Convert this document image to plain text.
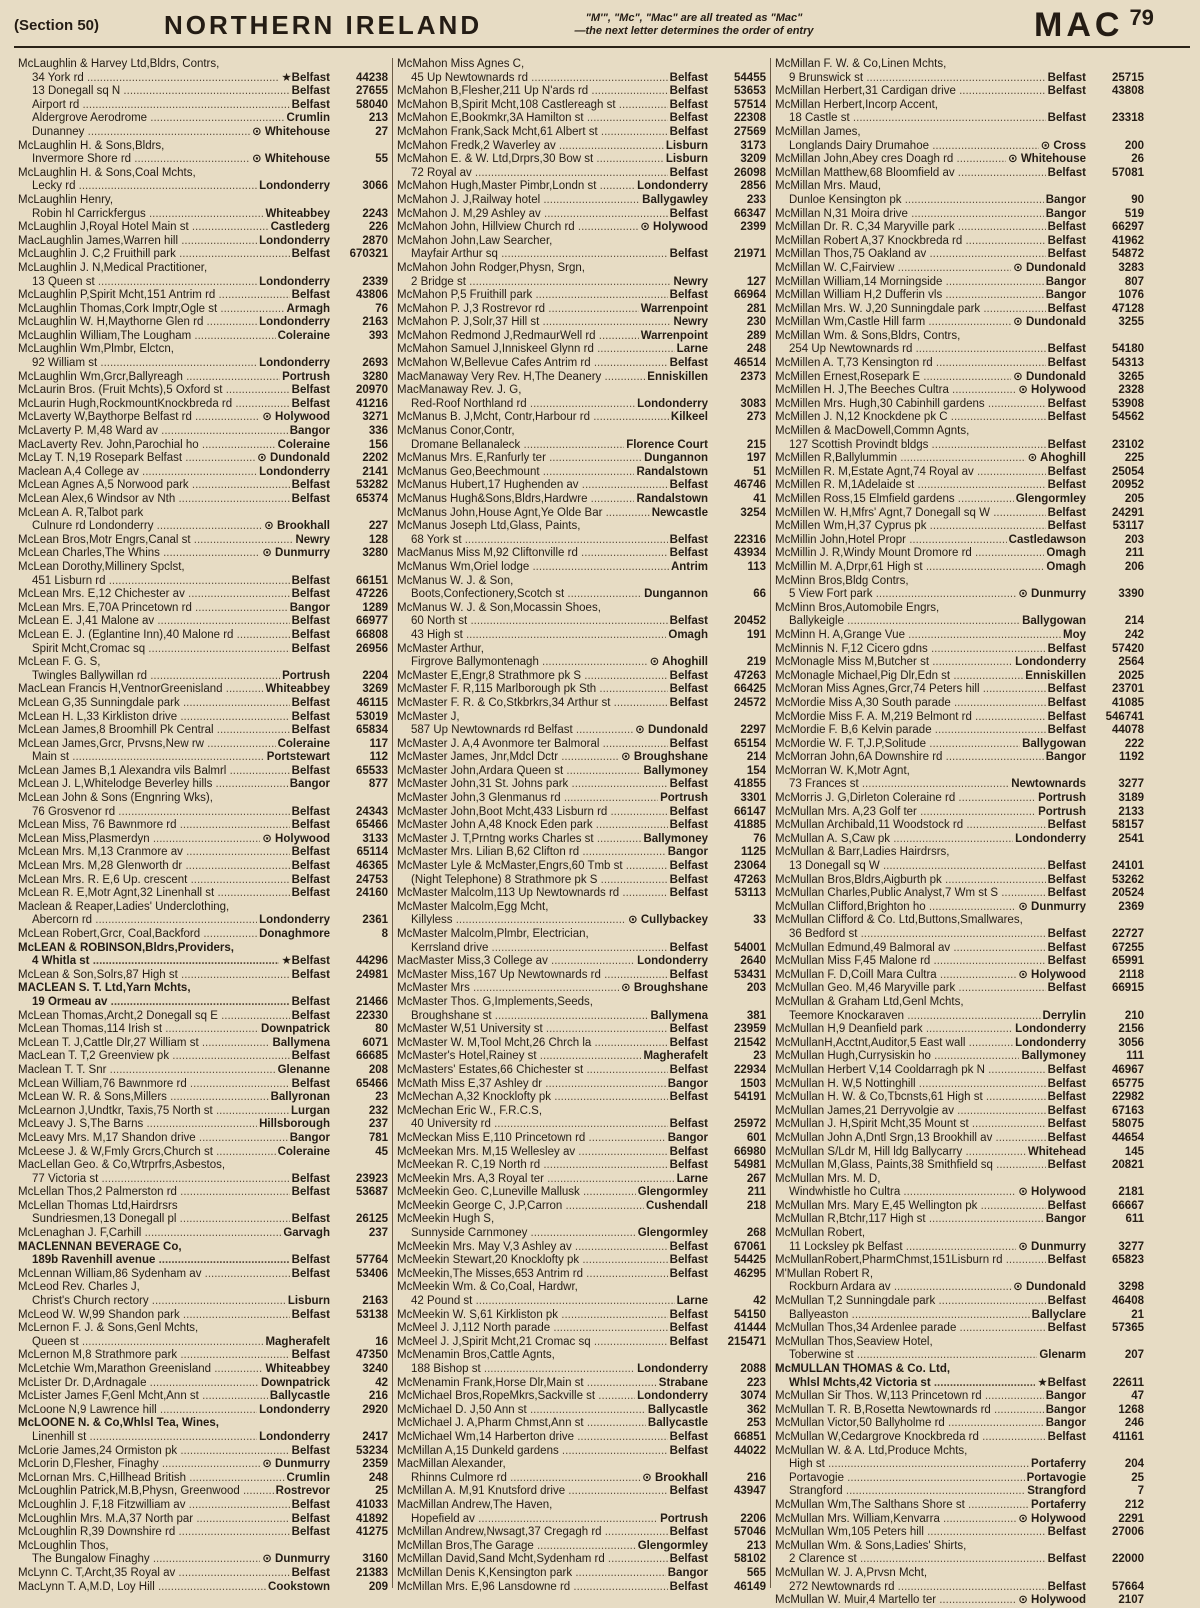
(Section 50)	NORTHERN IRELAND	"M'", "Mc", "Mac" are all treated as "Mac"
—the next letter determines the order of entry	MAC 79
McLaughlin & Harvey Ltd,Bldrs, Contrs,
34 York rd .....	★Belfast	44238
13 Donegall sq N .....	Belfast	27655
Airport rd .....	Belfast	58040
Aldergrove Aerodrome .....	Crumlin	213
Dunanney .....	⊙ Whitehouse	27
McLaughlin H. & Sons,Bldrs,
Invermore Shore rd .....	⊙ Whitehouse	55
McLaughlin H. & Sons,Coal Mchts,
Lecky rd .....	Londonderry	3066
McLaughlin Henry,
Robin hl Carrickfergus .....	Whiteabbey	2243
McLaughlin J,Royal Hotel Main st .....	Castlederg	226
MacLaughlin James,Warren hill .....	Londonderry	2870
McLaughlin J. C,2 Fruithill park .....	Belfast	670321
McLaughlin J. N,Medical Practitioner,
13 Queen st .....	Londonderry	2339
McLaughlin P,Spirit Mcht,151 Antrim rd .....	Belfast	43806
McLaughlin Thomas,Cork Imptr,Ogle st .....	Armagh	76
McLaughlin W. H,Maythorne Glen rd .....	Londonderry	2163
McLaughlin William,The Lougham .....	Coleraine	393
McLaughlin Wm,Plmbr, Elctcn,
92 William st .....	Londonderry	2693
McLaughlin Wm,Grcr,Ballyreagh .....	Portrush	3280
McLaurin Bros. (Fruit Mchts),5 Oxford st .....	Belfast	20970
McLaurin Hugh,RockmountKnockbreda rd .....	Belfast	41216
McLaverty W,Baythorpe Belfast rd .....	⊙ Holywood	3271
McLaverty P. M,48 Ward av .....	Bangor	336
MacLaverty Rev. John,Parochial ho .....	Coleraine	156
McLay T. N,19 Rosepark Belfast .....	⊙ Dundonald	2202
Maclean A,4 College av .....	Londonderry	2141
McLean Agnes A,5 Norwood park .....	Belfast	53282
McLean Alex,6 Windsor av Nth .....	Belfast	65374
McLean A. R,Talbot park
Culnure rd Londonderry .....	⊙ Brookhall	227
McLean Bros,Motr Engrs,Canal st .....	Newry	128
McLean Charles,The Whins .....	⊙ Dunmurry	3280
McLean Dorothy,Millinery Spclst,
451 Lisburn rd .....	Belfast	66151
McLean Mrs. E,12 Chichester av .....	Belfast	47226
McLean Mrs. E,70A Princetown rd .....	Bangor	1289
McLean E. J,41 Malone av .....	Belfast	66977
McLean E. J. (Eglantine Inn),40 Malone rd .....	Belfast	66808
Spirit Mcht,Cromac sq .....	Belfast	26956
McLean F. G. S,
Twingles Ballywillan rd .....	Portrush	2204
MacLean Francis H,VentnorGreenisland .....	Whiteabbey	3269
McLean G,35 Sunningdale park .....	Belfast	46115
McLean H. L,33 Kirkliston drive .....	Belfast	53019
McLean James,8 Broomhill Pk Central .....	Belfast	65834
McLean James,Grcr, Prvsns,New rw .....	Coleraine	117
Main st .....	Portstewart	112
McLean James B,1 Alexandra vils Balmrl .....	Belfast	65533
McLean J. L,Whitelodge Beverley hills .....	Bangor	877
McLean John & Sons (Engnring Wks),
76 Grosvenor rd .....	Belfast	24343
McLean Miss, 76 Bawnmore rd .....	Belfast	65466
McLean Miss,Plasmerdyn .....	⊙ Holywood	3133
McLean Mrs. M,13 Cranmore av .....	Belfast	65114
McLean Mrs. M,28 Glenworth dr .....	Belfast	46365
McLean Mrs. R. E,6 Up. crescent .....	Belfast	24753
McLean R. E,Motr Agnt,32 Linenhall st .....	Belfast	24160
Maclean & Reaper,Ladies' Underclothing,
Abercorn rd .....	Londonderry	2361
McLean Robert,Grcr, Coal,Backford .....	Donaghmore	8
McLEAN & ROBINSON,Bldrs,Providers,
4 Whitla st .....	★Belfast	44296
McLean & Son,Solrs,87 High st .....	Belfast	24981
MACLEAN S. T. Ltd,Yarn Mchts,
19 Ormeau av .....	Belfast	21466
McLean Thomas,Archt,2 Donegall sq E .....	Belfast	22330
McLean Thomas,114 Irish st .....	Downpatrick	80
McLean T. J,Cattle Dlr,27 William st .....	Ballymena	6071
MacLean T. T,2 Greenview pk .....	Belfast	66685
Maclean T. T. Snr .....	Glenanne	208
McLean William,76 Bawnmore rd .....	Belfast	65466
McLean W. R. & Sons,Millers .....	Ballyronan	23
McLearnon J,Undtkr, Taxis,75 North st .....	Lurgan	232
McLeavy J. S,The Barns .....	Hillsborough	237
McLeavy Mrs. M,17 Shandon drive .....	Bangor	781
McLeese J. & W,Fmly Grcrs,Church st .....	Coleraine	45
MacLellan Geo. & Co,Wtrprfrs,Asbestos,
77 Victoria st .....	Belfast	23923
McLellan Thos,2 Palmerston rd .....	Belfast	53687
McLellan Thomas Ltd,Hairdrsrs
Sundriesmen,13 Donegall pl .....	Belfast	26125
McLenaghan J. F,Carhill .....	Garvagh	237
MACLENNAN BEVERAGE Co,
189b Ravenhill avenue .....	Belfast	57764
McLennan William,86 Sydenham av .....	Belfast	53406
McLeod Rev. Charles J,
Christ's Church rectory .....	Lisburn	2163
McLeod W. W,99 Shandon park .....	Belfast	53138
McLernon F. J. & Sons,Genl Mchts,
Queen st .....	Magherafelt	16
McLernon M,8 Strathmore park .....	Belfast	47350
McLetchie Wm,Marathon Greenisland .....	Whiteabbey	3240
McLister Dr. D,Ardnagale .....	Downpatrick	42
McLister James F,Genl Mcht,Ann st .....	Ballycastle	216
McLoone N,9 Lawrence hill .....	Londonderry	2920
McLOONE N. & Co,Whlsl Tea, Wines,
Linenhill st .....	Londonderry	2417
McLorie James,24 Ormiston pk .....	Belfast	53234
McLorin D,Flesher, Finaghy .....	⊙ Dunmurry	2359
McLornan Mrs. C,Hillhead British .....	Crumlin	248
McLoughlin Patrick,M.B,Physn, Greenwood .....	Rostrevor	25
McLoughlin J. F,18 Fitzwilliam av .....	Belfast	41033
McLoughlin Mrs. M.A,37 North par .....	Belfast	41892
McLoughlin R,39 Downshire rd .....	Belfast	41275
McLoughlin Thos,
The Bungalow Finaghy .....	⊙ Dunmurry	3160
McLynn C. T,Archt,35 Royal av .....	Belfast	21383
MacLynn T. A,M.D, Loy Hill .....	Cookstown	209
McMahon Miss Agnes C,
45 Up Newtownards rd .....	Belfast	54455
McMahon B,Flesher,211 Up N'ards rd .....	Belfast	53653
McMahon B,Spirit Mcht,108 Castlereagh st .....	Belfast	57514
McMahon E,Bookmkr,3A Hamilton st .....	Belfast	22308
McMahon Frank,Sack Mcht,61 Albert st .....	Belfast	27569
McMahon Fredk,2 Waverley av .....	Lisburn	3173
McMahon E. & W. Ltd,Drprs,30 Bow st .....	Lisburn	3209
72 Royal av .....	Belfast	26098
McMahon Hugh,Master Pimbr,Londn st .....	Londonderry	2856
McMahon J. J,Railway hotel .....	Ballygawley	233
McMahon J. M,29 Ashley av .....	Belfast	66347
McMahon John, Hillview Church rd .....	⊙ Holywood	2399
McMahon John,Law Searcher,
Mayfair Arthur sq .....	Belfast	21971
McMahon John Rodger,Physn, Srgn,
2 Bridge st .....	Newry	127
McMahon P,5 Fruithill park .....	Belfast	66964
McMahon P. J,3 Rostrevor rd .....	Warrenpoint	281
McMahon P. J,Solr,37 Hill st .....	Newry	230
McMahon Redmond J,RedmaurWell rd .....	Warrenpoint	289
McMahon Samuel J,Inniskeel Glynn rd .....	Larne	248
McMahon W,Bellevue Cafes Antrim rd .....	Belfast	46514
MacManaway Very Rev. H,The Deanery .....	Enniskillen	2373
MacManaway Rev. J. G,
Red-Roof Northland rd .....	Londonderry	3083
McManus B. J,Mcht, Contr,Harbour rd .....	Kilkeel	273
McManus Conor,Contr,
Dromane Bellanaleck .....	Florence Court	215
McManus Mrs. E,Ranfurly ter .....	Dungannon	197
McManus Geo,Beechmount .....	Randalstown	51
McManus Hubert,17 Hughenden av .....	Belfast	46746
McManus Hugh&Sons,Bldrs,Hardwre .....	Randalstown	41
McManus John,House Agnt,Ye Olde Bar .....	Newcastle	3254
McManus Joseph Ltd,Glass, Paints,
68 York st .....	Belfast	22316
MacManus Miss M,92 Cliftonville rd .....	Belfast	43934
McManus Wm,Oriel lodge .....	Antrim	113
McManus W. J. & Son,
Boots,Confectionery,Scotch st .....	Dungannon	66
McManus W. J. & Son,Mocassin Shoes,
60 North st .....	Belfast	20452
43 High st .....	Omagh	191
McMaster Arthur,
Firgrove Ballymontenagh .....	⊙ Ahoghill	219
McMaster E,Engr,8 Strathmore pk S .....	Belfast	47263
McMaster F. R,115 Marlborough pk Sth .....	Belfast	66425
McMaster F. R. & Co,Stkbrkrs,34 Arthur st .....	Belfast	24572
McMaster J,
587 Up Newtownards rd Belfast .....	⊙ Dundonald	2297
McMaster J. A,4 Avonmore ter Balmoral .....	Belfast	65154
McMaster James, Jnr,Mdcl Dctr .....	⊙ Broughshane	214
McMaster John,Ardara Queen st .....	Ballymoney	154
McMaster John,31 St. Johns park .....	Belfast	41855
McMaster John,3 Glenmanus rd .....	Portrush	3301
McMaster John,Boot Mcht,433 Lisburn rd .....	Belfast	66147
McMaster John A,48 Knock Eden park .....	Belfast	41885
McMaster J. T,Prntng works Charles st .....	Ballymoney	76
McMaster Mrs. Lilian B,62 Clifton rd .....	Bangor	1125
McMaster Lyle & McMaster,Engrs,60 Tmb st .....	Belfast	23064
(Night Telephone) 8 Strathmore pk S .....	Belfast	47263
McMaster Malcolm,113 Up Newtownards rd .....	Belfast	53113
McMaster Malcolm,Egg Mcht,
Killyless .....	⊙ Cullybackey	33
McMaster Malcolm,Plmbr, Electrician,
Kerrsland drive .....	Belfast	54001
MacMaster Miss,3 College av .....	Londonderry	2640
McMaster Miss,167 Up Newtownards rd .....	Belfast	53431
McMaster Mrs .....	⊙ Broughshane	203
McMaster Thos. G,Implements,Seeds,
Broughshane st .....	Ballymena	381
McMaster W,51 University st .....	Belfast	23959
McMaster W. M,Tool Mcht,26 Chrch la .....	Belfast	21542
McMaster's Hotel,Rainey st .....	Magherafelt	23
McMasters' Estates,66 Chichester st .....	Belfast	22934
McMath Miss E,37 Ashley dr .....	Bangor	1503
McMechan A,32 Knocklofty pk .....	Belfast	54191
McMechan Eric W., F.R.C.S,
40 University rd .....	Belfast	25972
McMeckan Miss E,110 Princetown rd .....	Bangor	601
McMeekan Mrs. M,15 Wellesley av .....	Belfast	66980
McMeekan R. C,19 North rd .....	Belfast	54981
McMeekin Mrs. A,3 Royal ter .....	Larne	267
McMeekin Geo. C,Luneville Mallusk .....	Glengormley	211
McMeekin George C, J.P,Carron .....	Cushendall	218
McMeekin Hugh S,
Sunnyside Carnmoney .....	Glengormley	268
McMeekin Mrs. May V,3 Ashley av .....	Belfast	67061
McMeekin Stewart,20 Knocklofty pk .....	Belfast	54425
McMeekin,The Misses,653 Antrim rd .....	Belfast	46295
McMeekin Wm. & Co,Coal, Hardwr,
42 Pound st .....	Larne	42
McMeekin W. S,61 Kirkliston pk .....	Belfast	54150
McMeel J. J,112 North parade .....	Belfast	41444
McMeel J. J,Spirit Mcht,21 Cromac sq .....	Belfast	215471
McMenamin Bros,Cattle Agnts,
188 Bishop st .....	Londonderry	2088
McMenamin Frank,Horse Dlr,Main st .....	Strabane	223
McMichael Bros,RopeMkrs,Sackville st .....	Londonderry	3074
McMichael D. J,50 Ann st .....	Ballycastle	362
McMichael J. A,Pharm Chmst,Ann st .....	Ballycastle	253
McMichael Wm,14 Harberton drive .....	Belfast	66851
McMillan A,15 Dunkeld gardens .....	Belfast	44022
MacMillan Alexander,
Rhinns Culmore rd .....	⊙ Brookhall	216
McMillan A. M,91 Knutsford drive .....	Belfast	43947
MacMillan Andrew,The Haven,
Hopefield av .....	Portrush	2206
McMillan Andrew,Nwsagt,37 Cregagh rd .....	Belfast	57046
McMillan Bros,The Garage .....	Glengormley	213
McMillan David,Sand Mcht,Sydenham rd .....	Belfast	58102
McMillan Denis K,Kensington park .....	Bangor	565
McMillan Mrs. E,96 Lansdowne rd .....	Belfast	46149
McMillan F. W. & Co,Linen Mchts,
9 Brunswick st .....	Belfast	25715
McMillan Herbert,31 Cardigan drive .....	Belfast	43808
McMillan Herbert,Incorp Accent,
18 Castle st .....	Belfast	23318
McMillan James,
Longlands Dairy Drumahoe .....	⊙ Cross	200
McMillan John,Abey cres Doagh rd .....	⊙ Whitehouse	26
McMillan Matthew,68 Bloomfield av .....	Belfast	57081
McMillan Mrs. Maud,
Dunloe Kensington pk .....	Bangor	90
McMillan N,31 Moira drive .....	Bangor	519
McMillan Dr. R. C,34 Maryville park .....	Belfast	66297
McMillan Robert A,37 Knockbreda rd .....	Belfast	41962
McMillan Thos,75 Oakland av .....	Belfast	54872
McMillan W. C,Fairview .....	⊙ Dundonald	3283
McMillan William,14 Morningside .....	Bangor	807
McMillan William H,2 Dufferin vls .....	Bangor	1076
McMillan Mrs. W. J,20 Sunningdale park .....	Belfast	47128
McMillan Wm,Castle Hill farm .....	⊙ Dundonald	3255
McMillan Wm. & Sons,Bldrs, Contrs,
254 Up Newtownards rd .....	Belfast	54180
McMillen A. T,73 Kensington rd .....	Belfast	54313
McMillen Ernest,Rosepark E .....	⊙ Dundonald	3265
McMillen H. J,The Beeches Cultra .....	⊙ Holywood	2328
McMillen Mrs. Hugh,30 Cabinhill gardens .....	Belfast	53908
McMillen J. N,12 Knockdene pk C .....	Belfast	54562
McMillen & MacDowell,Commn Agnts,
127 Scottish Provindt bldgs .....	Belfast	23102
McMillen R,Ballylummin .....	⊙ Ahoghill	225
McMillen R. M,Estate Agnt,74 Royal av .....	Belfast	25054
McMillen R. M,1Adelaide st .....	Belfast	20952
McMillen Ross,15 Elmfield gardens .....	Glengormley	205
McMillen W. H,Mfrs' Agnt,7 Donegall sq W .....	Belfast	24291
McMillen Wm,H,37 Cyprus pk .....	Belfast	53117
McMillin John,Hotel Propr .....	Castledawson	203
McMillin J. R,Windy Mount Dromore rd .....	Omagh	211
McMillin M. A,Drpr,61 High st .....	Omagh	206
McMinn Bros,Bldg Contrs,
5 View Fort park .....	⊙ Dunmurry	3390
McMinn Bros,Automobile Engrs,
Ballykeigle .....	Ballygowan	214
McMinn H. A,Grange Vue .....	Moy	242
McMinnis N. F,12 Cicero gdns .....	Belfast	57420
McMonagle Miss M,Butcher st .....	Londonderry	2564
McMonagle Michael,Pig Dlr,Edn st .....	Enniskillen	2025
McMoran Miss Agnes,Grcr,74 Peters hill .....	Belfast	23701
McMordie Miss A,30 South parade .....	Belfast	41085
McMordie Miss F. A. M,219 Belmont rd .....	Belfast	546741
McMordie F. B,6 Kelvin parade .....	Belfast	44078
McMordie W. F. T,J.P,Solitude .....	Ballygowan	222
McMorran John,6A Downshire rd .....	Bangor	1192
McMorran W. K,Motr Agnt,
73 Frances st .....	Newtownards	3277
McMorris J. G,Dirleton Coleraine rd .....	Portrush	3189
McMullan Mrs. A,23 Golf ter .....	Portrush	2133
McMullan Archibald,11 Woodstock rd .....	Belfast	58157
McMullan A. S,Caw pk .....	Londonderry	2541
McMullan & Barr,Ladies Hairdrsrs,
13 Donegall sq W .....	Belfast	24101
McMullan Bros,Bldrs,Aigburth pk .....	Belfast	53262
McMullan Charles,Public Analyst,7 Wm st S .....	Belfast	20524
McMullan Clifford,Brighton ho .....	⊙ Dunmurry	2369
McMullan Clifford & Co. Ltd,Buttons,Smallwares,
36 Bedford st .....	Belfast	22727
McMullan Edmund,49 Balmoral av .....	Belfast	67255
McMullan Miss F,45 Malone rd .....	Belfast	65991
McMullan F. D,Coill Mara Cultra .....	⊙ Holywood	2118
McMullan Geo. M,46 Maryville park .....	Belfast	66915
McMullan & Graham Ltd,Genl Mchts,
Teemore Knockaraven .....	Derrylin	210
McMullan H,9 Deanfield park .....	Londonderry	2156
McMullanH,Acctnt,Auditor,5 East wall .....	Londonderry	3056
McMullan Hugh,Currysiskin ho .....	Ballymoney	111
McMullan Herbert V,14 Cooldarragh pk N .....	Belfast	46967
McMullan H. W,5 Nottinghill .....	Belfast	65775
McMullan H. W. & Co,Tbcnsts,61 High st .....	Belfast	22982
McMullan James,21 Derryvolgie av .....	Belfast	67163
McMullan J. H,Spirit Mcht,35 Mount st .....	Belfast	58075
McMullan John A,Dntl Srgn,13 Brookhill av .....	Belfast	44654
McMullan S/Ldr M, Hill ldg Ballycarry .....	Whitehead	145
McMullan M,Glass, Paints,38 Smithfield sq .....	Belfast	20821
McMullan Mrs. M. D,
Windwhistle ho Cultra .....	⊙ Holywood	2181
McMullan Mrs. Mary E,45 Wellington pk .....	Belfast	66667
McMullan R,Btchr,117 High st .....	Bangor	611
McMullan Robert,
11 Locksley pk Belfast .....	⊙ Dunmurry	3277
McMullanRobert,PharmChmst,151Lisburn rd .....	Belfast	65823
M'Mullan Robert R,
Rockburn Ardara av .....	⊙ Dundonald	3298
McMullan T,2 Sunningdale park .....	Belfast	46408
Ballyeaston .....	Ballyclare	21
McMullan Thos,34 Ardenlee parade .....	Belfast	57365
McMullan Thos,Seaview Hotel,
Toberwine st .....	Glenarm	207
McMULLAN THOMAS & Co. Ltd,
Whlsl Mchts,42 Victoria st .....	★Belfast	22611
McMullan Sir Thos. W,113 Princetown rd .....	Bangor	47
McMullan T. R. B,Rosetta Newtownards rd .....	Bangor	1268
McMullan Victor,50 Ballyholme rd .....	Bangor	246
McMullan W,Cedargrove Knockbreda rd .....	Belfast	41161
McMullan W. & A. Ltd,Produce Mchts,
High st .....	Portaferry	204
Portavogie .....	Portavogie	25
Strangford .....	Strangford	7
McMullan Wm,The Salthans Shore st .....	Portaferry	212
McMullan Mrs. William,Kenvarra .....	⊙ Holywood	2291
McMullan Wm,105 Peters hill .....	Belfast	27006
McMullan Wm. & Sons,Ladies' Shirts,
2 Clarence st .....	Belfast	22000
McMullan W. J. A,Prvsn Mcht,
272 Newtownards rd .....	Belfast	57664
McMullan W. Muir,4 Martello ter .....	⊙ Holywood	2107
